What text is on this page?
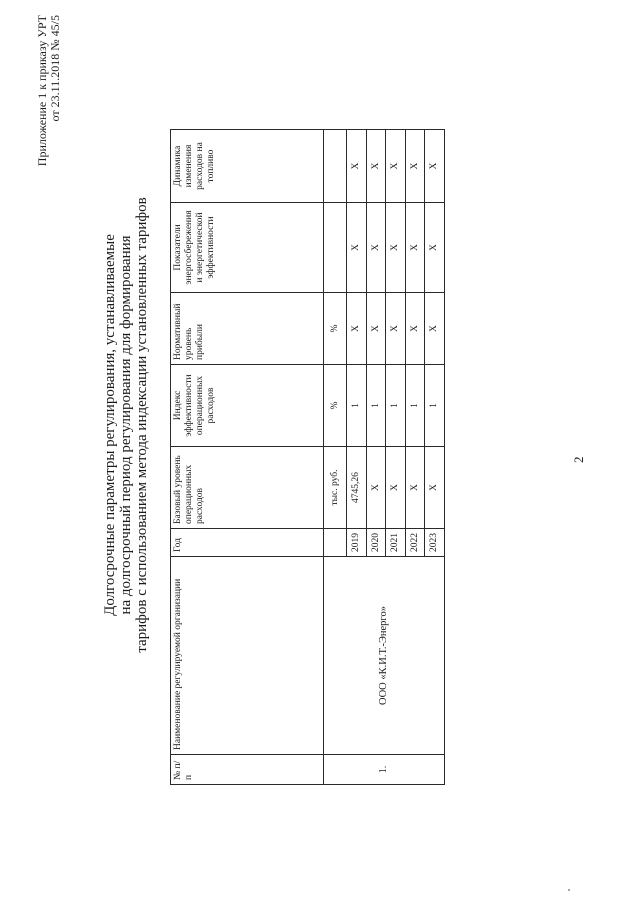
2
Приложение 1 к приказу УРТ от 23.11.2018 № 45/5
Долгосрочные параметры регулирования, устанавливаемые на долгосрочный период регулирования для формирования тарифов с использованием метода индексации установленных тарифов
№ п/п	Наименование регулируемой организации	Год	Базовый уровень операционных расходов	Индекс эффективности операционных расходов	Нормативный уровень прибыли	Показатели энергосбережения и энергетической эффективности	Динамика изменения расходов на топливо
1.	ООО «К.И.Т.-Энерго»		тыс. руб.	%	%		
		2019	4745,26	1	X	X	X
		2020	X	1	X	X	X
		2021	X	1	X	X	X
		2022	X	1	X	X	X
		2023	X	1	X	X	X
